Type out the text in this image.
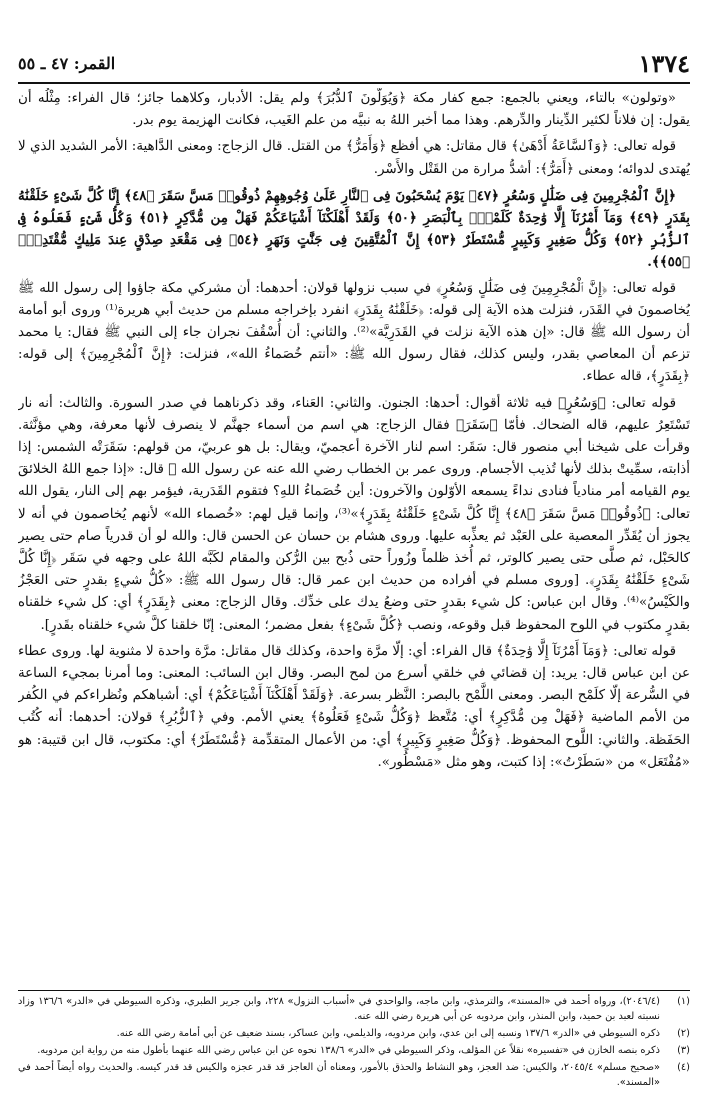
١٣٧٤
القمر: ٤٧ ـ ٥٥

«وتولون» بالتاء، ويعني بالجمع: جمع كفار مكة ﴿وَيُوَلُّونَ ٱلدُّبُرَ﴾ ولم يقل: الأدبار، وكلاهما جائز؛ قال الفراء: مِثْلُه أن يقول: إن فلاناً لكثير الدِّينار والدِّرهم. وهذا مما أخبر اللهُ به نبيَّه من علم الغَيب، فكانت الهزيمة يوم بدر.

قوله تعالى: ﴿وَٱلسَّاعَةُ أَدْهَىٰ﴾ قال مقاتل: هي أفظع ﴿وَأَمَرُّ﴾ من القتل. قال الزجاج: ومعنى الدَّاهية: الأمر الشديد الذي لا يُهتدى لدوائه؛ ومعنى ﴿أَمَرُّ﴾: أشدُّ مرارة من القَتْل والأَسْر.

﴿إِنَّ ٱلْمُجْرِمِينَ فِى ضَلَٰلٍ وَسُعُرٍ ﴿٤٧﴾ يَوْمَ يُسْحَبُونَ فِى ٱلنَّارِ عَلَىٰ وُجُوهِهِمْ ذُوقُوا۟ مَسَّ سَقَرَ ﴿٤٨﴾ إِنَّا كُلَّ شَىْءٍ خَلَقْنَٰهُ بِقَدَرٍ ﴿٤٩﴾ وَمَآ أَمْرُنَآ إِلَّا وَٰحِدَةٌ كَلَمْحٍۭ بِٱلْبَصَرِ ﴿٥٠﴾ وَلَقَدْ أَهْلَكْنَآ أَشْيَاعَكُمْ فَهَلْ مِن مُّدَّكِرٍ ﴿٥١﴾ وَكُلُّ شَىْءٍ فَعَلُوهُ فِى ٱلزُّبُرِ ﴿٥٢﴾ وَكُلُّ صَغِيرٍ وَكَبِيرٍ مُّسْتَطَرٌ ﴿٥٣﴾ إِنَّ ٱلْمُتَّقِينَ فِى جَنَّٰتٍ وَنَهَرٍ ﴿٥٤﴾ فِى مَقْعَدِ صِدْقٍ عِندَ مَلِيكٍ مُّقْتَدِرٍۭ ﴿٥٥﴾﴾.

قوله تعالى: ﴿إِنَّ ٱلْمُجْرِمِينَ فِى ضَلَٰلٍ وَسُعُرٍ﴾ في سبب نزولها قولان: أحدهما: أن مشركي مكة جاؤوا إلى رسول الله ﷺ يُخاصمونَ في القَدَر، فنزلت هذه الآية إلى قوله: ﴿خَلَقْنَٰهُ بِقَدَرٍ﴾ انفرد بإخراجه مسلم من حديث أبي هريرة⁽¹⁾ وروى أبو أمامة أن رسول الله ﷺ قال: «إن هذه الآية نزلت في القَدَرِيَّة»⁽²⁾. والثاني: أن أُسْقُفَ نجران جاء إلى النبي ﷺ فقال: يا محمد تزعم أن المعاصي بقدر، وليس كذلك، فقال رسول الله ﷺ: «أنتم خُصَماءُ الله»، فنزلت: ﴿إِنَّ ٱلْمُجْرِمِينَ﴾ إلى قوله: ﴿بِقَدَرٍ﴾، قاله عطاء.

قوله تعالى: ﴿وَسُعُرٍ﴾ فيه ثلاثة أقوال: أحدها: الجنون. والثاني: العَناء، وقد ذكرناهما في صدر السورة. والثالث: أنه نار تَسْتَعِرُ عليهم، قاله الضحاك. فأمّا ﴿سَقَرَ﴾ فقال الزجاج: هي اسم من أسماء جهنَّم لا ينصرف لأنها معرفة، وهي مؤنَّثة. وقرأت على شيخنا أبي منصور قال: سَقَر: اسم لنار الآخرة أعجميّ، ويقال: بل هو عربيّ، من قولهم: سَقَرَتْه الشمس: إذا أذابته، سمِّيتْ بذلك لأنها تُذيب الأجسام. وروى عمر بن الخطاب رضي الله عنه عن رسول الله ﷺ قال: «إذا جمع اللهُ الخلائقَ يوم القيامه أمر منادياً فنادى نداءً يسمعه الأوّلون والآخرون: أين خُصَماءُ اللهِ؟ فتقوم القَدَرية، فيؤمر بهم إلى النار، يقول الله تعالى: ﴿ذُوقُوا۟ مَسَّ سَقَرَ ﴿٤٨﴾ إِنَّا كُلَّ شَىْءٍ خَلَقْنَٰهُ بِقَدَرٍ﴾»⁽³⁾، وإنما قيل لهم: «خُصماء الله» لأنهم يُخاصمون في أنه لا يجوز أن يُقَدِّر المعصية على العَبْد ثم يعذِّبه عليها. وروى هشام بن حسان عن الحسن قال: والله لو أن قدرياً صام حتى يصير كالحَبْل، ثم صلَّى حتى يصير كالوتر، ثم أُخذ ظلماً وزُوراً حتى ذُبح بين الرُّكن والمقام لكَبَّه اللهُ على وجهه في سَقَر ﴿إِنَّا كُلَّ شَىْءٍ خَلَقْنَٰهُ بِقَدَرٍ﴾. [وروى مسلم في أفراده من حديث ابن عمر قال: قال رسول الله ﷺ: «كُلُّ شيءٍ بقدرٍ حتى العَجْزُ والكَيْسُ»⁽⁴⁾. وقال ابن عباس: كل شيء بقدرٍ حتى وضعُ يدك على خدِّك. وقال الزجاج: معنى ﴿بِقَدَرٍ﴾ أي: كل شيء خلقناه بقدرٍ مكتوب في اللوح المحفوظ قبل وقوعه، ونصب ﴿كُلَّ شَىْءٍ﴾ بفعل مضمر؛ المعنى: إنّا خلقنا كلَّ شيء خلقناه بقَدرٍ].

قوله تعالى: ﴿وَمَآ أَمْرُنَآ إِلَّا وَٰحِدَةٌ﴾ قال الفراء: أي: إلّا مرَّة واحدة، وكذلك قال مقاتل: مرَّة واحدة لا مثنوية لها. وروى عطاء عن ابن عباس قال: يريد: إن قضائي في خلقي أسرع من لمح البصر. وقال ابن السائب: المعنى: وما أمرنا بمجيء الساعة في السُّرعة إلّا كلَمْح البصر. ومعنى اللَّمْح بالبصر: النَّظر بسرعة. ﴿وَلَقَدْ أَهْلَكْنَآ أَشْيَاعَكُمْ﴾ أي: أشباهكم ونُظراءكم في الكُفر من الأمم الماضية ﴿فَهَلْ مِن مُّدَّكِرٍ﴾ أي: مُتَّعظ ﴿وَكُلُّ شَىْءٍ فَعَلُوهُ﴾ يعني الأمم. وفي ﴿ٱلزُّبُرِ﴾ قولان: أحدهما: أنه كُتُب الحَفَظة. والثاني: اللَّوح المحفوظ. ﴿وَكُلُّ صَغِيرٍ وَكَبِيرٍ﴾ أي: من الأعمال المتقدِّمة ﴿مُّسْتَطَرٌ﴾ أي: مكتوب، قال ابن قتيبة: هو «مُفْتَعَل» من «سَطَرْتُ»: إذا كتبت، وهو مثل «مَسْطُور».

(١)
(٢٠٤٦/٤)، ورواه أحمد في «المسند»، والترمذي، وابن ماجه، والواحدي في «أسباب النزول» ٢٢٨، وابن جرير الطبري، وذكره السيوطي في «الدر» ١٣٦/٦ وزاد نسبته لعبد بن حميد، وابن المنذر، وابن مردويه عن أبي هريرة رضي الله عنه.
(٢)
ذكره السيوطي في «الدر» ١٣٧/٦ ونسبه إلى ابن عدي، وابن مردويه، والديلمي، وابن عساكر، بسند ضعيف عن أبي أمامة رضي الله عنه.
(٣)
ذكره بنصه الخازن في «تفسيره» نقلاً عن المؤلف، وذكر السيوطي في «الدر» ١٣٨/٦ نحوه عن ابن عباس رضي الله عنهما بأطول منه من رواية ابن مردويه.
(٤)
«صحيح مسلم» ٢٠٤٥/٤، والكيس: ضد العجز، وهو النشاط والحذق بالأمور، ومعناه أن العاجز قد قدر عجزه والكيس قد قدر كيسه. والحديث رواه أيضاً أحمد في «المسند».
